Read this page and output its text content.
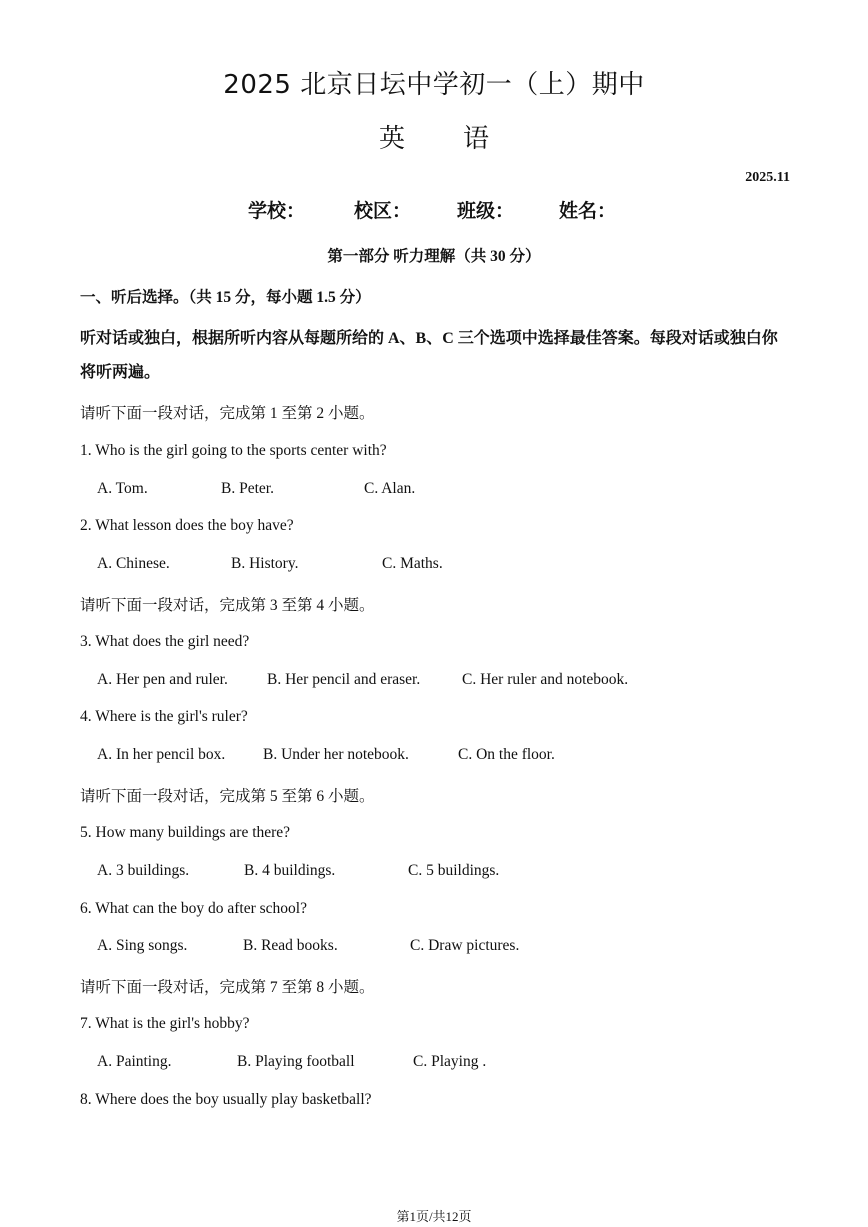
2025 北京日坛中学初一（上）期中
英语
2025.11
学校：	校区：	班级：	姓名：
第一部分 听力理解（共 30 分）
一、听后选择。（共 15 分，每小题 1.5 分）
听对话或独白，根据所听内容从每题所给的 A、B、C 三个选项中选择最佳答案。每段对话或独白你将听两遍。
请听下面一段对话，完成第 1 至第 2 小题。
1. Who is the girl going to the sports center with?

A. Tom.

	B. Peter.

	C. Alan.

2. What lesson does the boy have?

A. Chinese.

	B. History.

	C. Maths.

请听下面一段对话，完成第 3 至第 4 小题。
3. What does the girl need?

A. Her pen and ruler.

	B. Her pencil and eraser.

	C. Her ruler and notebook.

4. Where is the girl's ruler?

A. In her pencil box.

B. Under her notebook.

	C. On the floor.

请听下面一段对话，完成第 5 至第 6 小题。
5. How many buildings are there?

A. 3 buildings.

	B. 4 buildings.

	C. 5 buildings.

6. What can the boy do after school?

A. Sing songs.

	B. Read books.

	C. Draw pictures.

请听下面一段对话，完成第 7 至第 8 小题。
7. What is the girl's hobby?

A. Painting.

	B. Playing football

	C. Playing .

8. Where does the boy usually play basketball?
第1页/共12页
